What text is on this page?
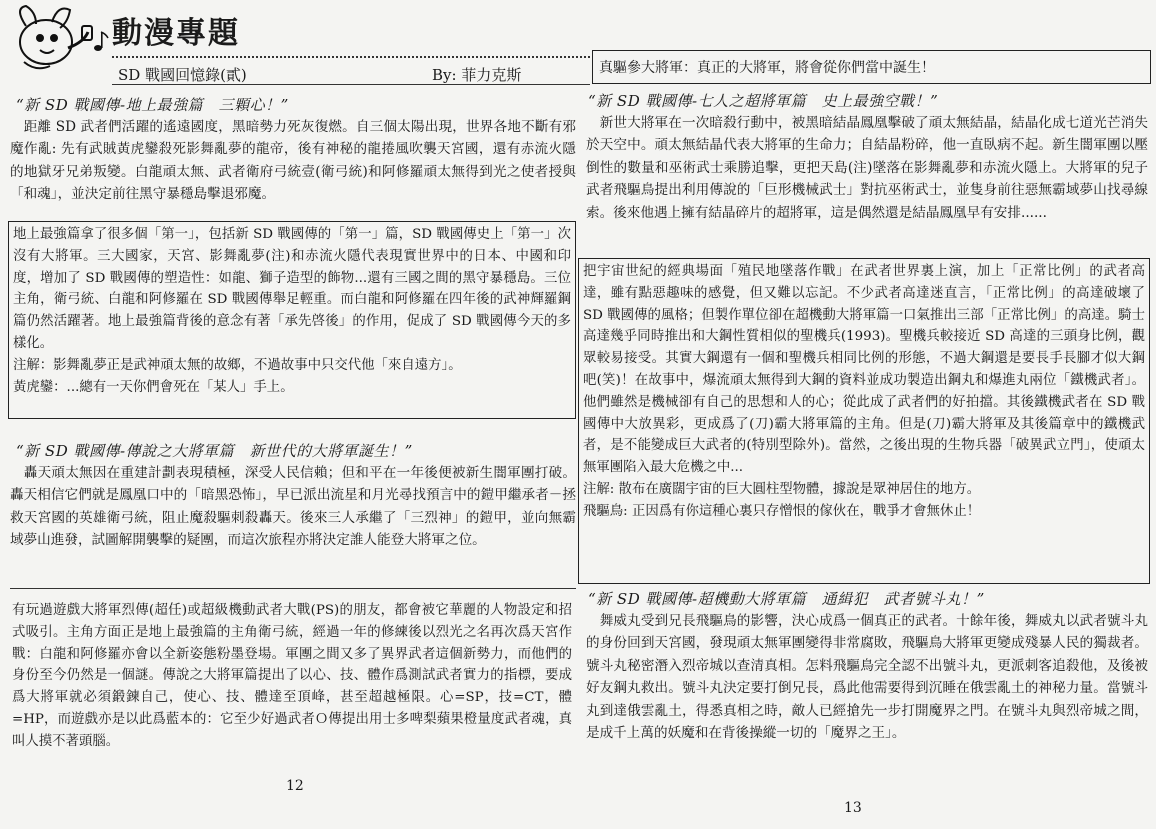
動漫專題
SD 戰國回憶錄(貳)	By: 菲力克斯	真驅參大將軍：真正的大將軍，將會從你們當中誕生！
“新 SD 戰國傳-地上最強篇　三顆心！”

　距離 SD 武者們活躍的遙遠國度，黑暗勢力死灰復燃。自三個太陽出現，世界各地不斷有邪魔作亂: 先有武賊黃虎鑾殺死影舞亂夢的龍帝，後有神秘的龍捲風吹襲天宮國，還有赤流火隱的地獄牙兄弟叛變。白龍頑太無、武者衛府弓統壹(衛弓統)和阿修羅頑太無得到光之使者授與「和魂」，並決定前往黑守暴穩島擊退邪魔。

地上最強篇拿了很多個「第一」，包括新 SD 戰國傳的「第一」篇，SD 戰國傳史上「第一」次沒有大將軍。三大國家，天宮、影舞亂夢(注)和赤流火隱代表現實世界中的日本、中國和印度，增加了 SD 戰國傳的塑造性：如龍、獅子造型的飾物...還有三國之間的黑守暴穩島。三位主角，衛弓統、白龍和阿修羅在 SD 戰國傳舉足輕重。而白龍和阿修羅在四年後的武神輝羅鋼篇仍然活躍著。地上最強篇背後的意念有著「承先啓後」的作用，促成了 SD 戰國傳今天的多樣化。

注解：影舞亂夢正是武神頑太無的故鄉，不過故事中只交代他「來自遠方」。

黃虎鑾：...總有一天你們會死在「某人」手上。

“新 SD 戰國傳-傳說之大將軍篇　新世代的大將軍誕生！”

　轟天頑太無因在重建計劃表現積極，深受人民信賴；但和平在一年後便被新生闇軍團打破。轟天相信它們就是鳳凰口中的「暗黑恐怖」，早已派出流星和月光尋找預言中的鎧甲繼承者－拯救天宮國的英雄衛弓統，阻止魔殺驅刺殺轟天。後來三人承繼了「三烈神」的鎧甲，並向無霸域夢山進發，試圖解開襲擊的疑團，而這次旅程亦將決定誰人能登大將軍之位。

有玩過遊戲大將軍烈傳(超任)或超級機動武者大戰(PS)的朋友，都會被它華麗的人物設定和招式吸引。主角方面正是地上最強篇的主角衛弓統，經過一年的修練後以烈光之名再次爲天宮作戰：白龍和阿修羅亦會以全新姿態粉墨登場。軍團之間又多了異界武者這個新勢力，而他們的身份至今仍然是一個謎。傳說之大將軍篇提出了以心、技、體作爲測試武者實力的指標，要成爲大將軍就必須鍛鍊自己，使心、技、體達至頂峰，甚至超越極限。心=SP，技=CT，體=HP，而遊戲亦是以此爲藍本的：它至少好過武者Ｏ傳提出用士多啤梨蘋果橙量度武者魂，真叫人摸不著頭腦。

12
“新 SD 戰國傳-七人之超將軍篇　史上最強空戰！”

　新世大將軍在一次暗殺行動中，被黑暗結晶鳳凰擊破了頑太無結晶，結晶化成七道光芒消失於天空中。頑太無結晶代表大將軍的生命力；自結晶粉碎，他一直臥病不起。新生闇軍團以壓倒性的數量和巫術武士乘勝追擊，更把天島(注)墜落在影舞亂夢和赤流火隱上。大將軍的兒子武者飛驅鳥提出利用傳說的「巨形機械武士」對抗巫術武士，並隻身前往惡無霸域夢山找尋線索。後來他遇上擁有結晶碎片的超將軍，這是偶然還是結晶鳳凰早有安排......

把宇宙世紀的經典場面「殖民地墜落作戰」在武者世界裏上演，加上「正常比例」的武者高達，雖有點惡趣味的感覺，但又難以忘記。不少武者高達迷直言，「正常比例」的高達破壞了 SD 戰國傳的風格；但製作單位卻在超機動大將軍篇一口氣推出三部「正常比例」的高達。騎士高達幾乎同時推出和大鋼性質相似的聖機兵(1993)。聖機兵較接近 SD 高達的三頭身比例，觀眾較易接受。其實大鋼還有一個和聖機兵相同比例的形態，不過大鋼還是要長手長腳才似大鋼吧(笑)！在故事中，爆流頑太無得到大鋼的資料並成功製造出鋼丸和爆進丸兩位「鐵機武者」。他們雖然是機械卻有自己的思想和人的心；從此成了武者們的好拍擋。其後鐵機武者在 SD 戰國傳中大放異彩，更成爲了(刀)霸大將軍篇的主角。但是(刀)霸大將軍及其後篇章中的鐵機武者，是不能變成巨大武者的(特別型除外)。當然，之後出現的生物兵器「破異武立門」，使頑太無軍團陷入最大危機之中...

注解: 散布在廣闊宇宙的巨大圓柱型物體，據說是眾神居住的地方。

飛驅鳥: 正因爲有你這種心裏只存憎恨的傢伙在，戰爭才會無休止！

“新 SD 戰國傳-超機動大將軍篇　通緝犯　武者號斗丸！”

　舞威丸受到兄長飛驅鳥的影響，決心成爲一個真正的武者。十餘年後，舞威丸以武者號斗丸的身份回到天宮國，發現頑太無軍團變得非常腐敗，飛驅鳥大將軍更變成殘暴人民的獨裁者。號斗丸秘密潛入烈帝城以查清真相。怎料飛驅鳥完全認不出號斗丸，更派刺客追殺他，及後被好友鋼丸救出。號斗丸決定要打倒兄長，爲此他需要得到沉睡在俄雲亂土的神秘力量。當號斗丸到達俄雲亂土，得悉真相之時，敵人已經搶先一步打開魔界之門。在號斗丸與烈帝城之間，是成千上萬的妖魔和在背後操縱一切的「魔界之王」。

13
